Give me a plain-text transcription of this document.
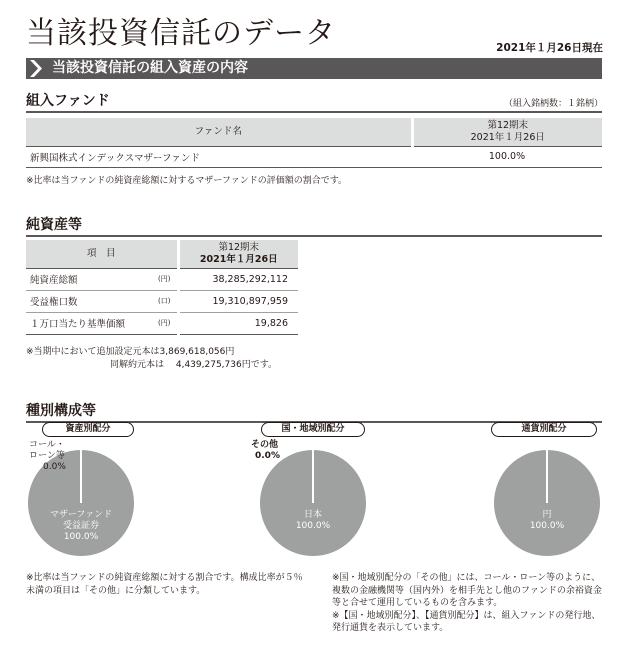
当該投資信託のデータ	2021年１月26日現在
当該投資信託の組入資産の内容
組入ファンド	（組入銘柄数：１銘柄）
ファンド名	第12期末
2021年１月26日

新興国株式インデックスマザーファンド	100.0%
※比率は当ファンドの純資産総額に対するマザーファンドの評価額の割合です。
純資産等
項　目		第12期末
2021年１月26日

純資産総額	(円)	38,285,292,112
受益権口数	(口)	19,310,897,959
１万口当たり基準価額	(円)	19,826
※当期中において追加設定元本は3,869,618,056円
同解約元本は　 4,439,275,736円です。
種別構成等
資産別配分
コール・
ローン等
0.0%
マザーファンド
受益証券
100.0%
国・地域別配分
その他
0.0%
日本
100.0%
通貨別配分
円
100.0%
※比率は当ファンドの純資産総額に対する割合です。構成比率が５％未満の項目は「その他」に分類しています。

※国・地域別配分の「その他」には、コール・ローン等のように、複数の金融機関等（国内外）を相手先とし他のファンドの余裕資金等と合せて運用しているものを含みます。

※【国・地域別配分】、【通貨別配分】は、組入ファンドの発行地、発行通貨を表示しています。
